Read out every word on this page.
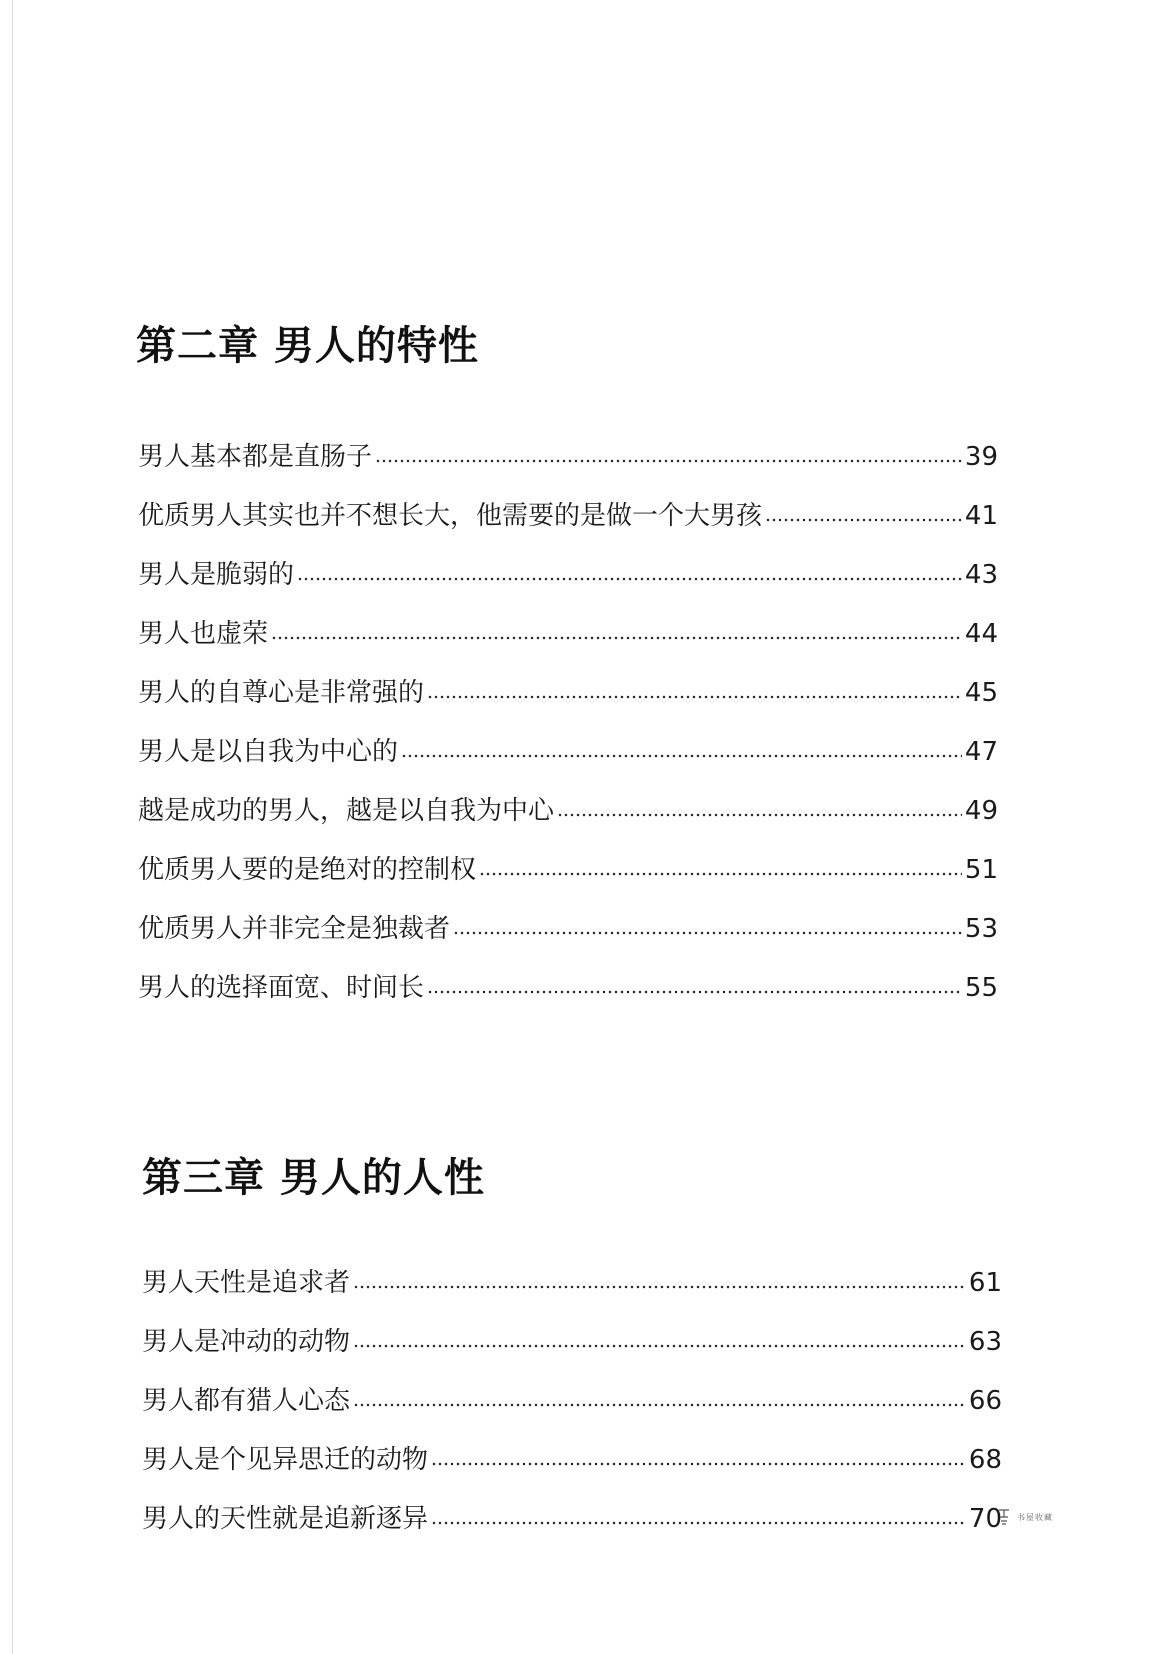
第二章 男人的特性
男人基本都是直肠子	39
优质男人其实也并不想长大，他需要的是做一个大男孩	41
男人是脆弱的	43
男人也虚荣	44
男人的自尊心是非常强的	45
男人是以自我为中心的	47
越是成功的男人，越是以自我为中心	49
优质男人要的是绝对的控制权	51
优质男人并非完全是独裁者	53
男人的选择面宽、时间长	55
第三章 男人的人性
男人天性是追求者	61
男人是冲动的动物	63
男人都有猎人心态	66
男人是个见异思迁的动物	68
男人的天性就是追新逐异	70 书屋收藏
